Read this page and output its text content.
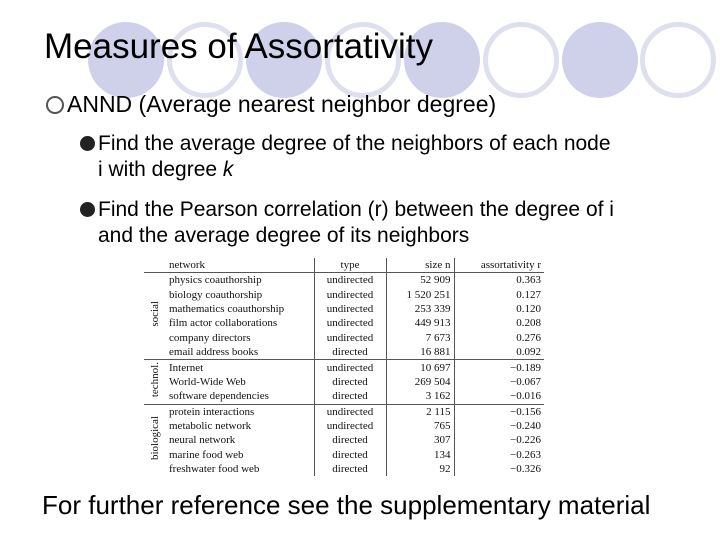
Measures of Assortativity
ANND (Average nearest neighbor degree)
Find the average degree of the neighbors of each node
i with degree k
Find the Pearson correlation (r) between the degree of i
and the average degree of its neighbors
	network	type	size n	assortativity r
social	physics coauthorship	undirected	52 909	0.363
	biology coauthorship	undirected	1 520 251	0.127
	mathematics coauthorship	undirected	253 339	0.120
	film actor collaborations	undirected	449 913	0.208
	company directors	undirected	7 673	0.276
	email address books	directed	16 881	0.092
technol.	Internet	undirected	10 697	−0.189
	World-Wide Web	directed	269 504	−0.067
	software dependencies	directed	3 162	−0.016
biological	protein interactions	undirected	2 115	−0.156
	metabolic network	undirected	765	−0.240
	neural network	directed	307	−0.226
	marine food web	directed	134	−0.263
	freshwater food web	directed	92	−0.326
For further reference see the supplementary material
